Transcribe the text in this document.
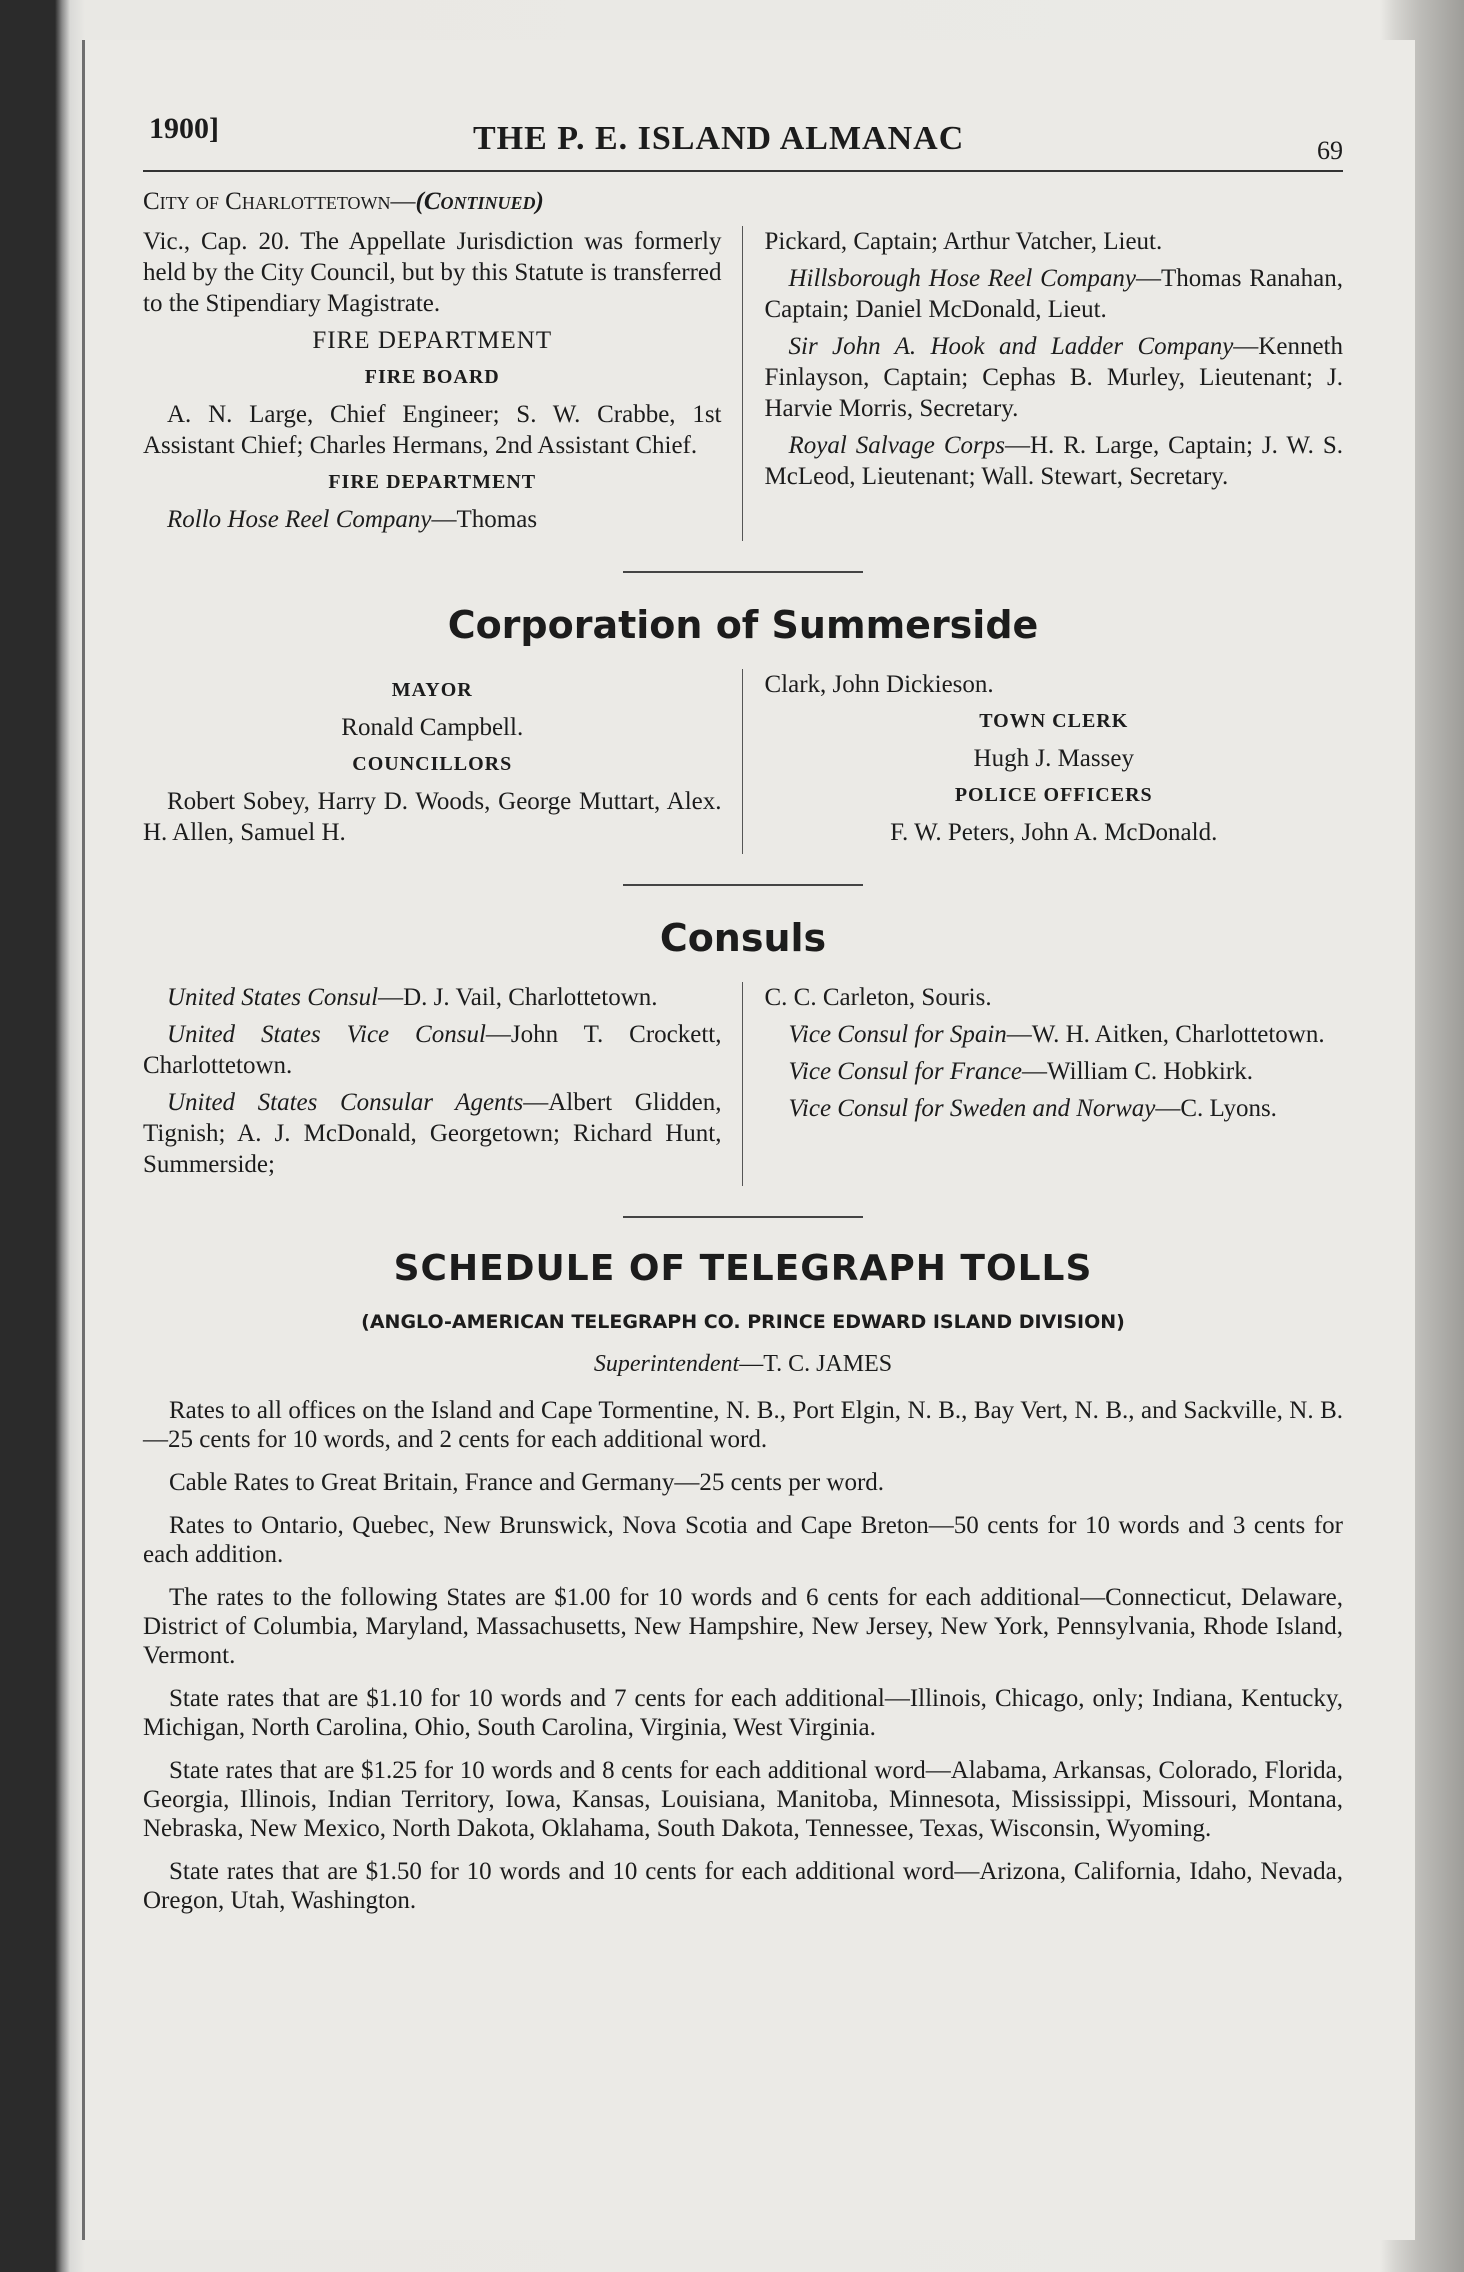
1900]	THE P. E. ISLAND ALMANAC	69
City of Charlottetown—(Continued)

Vic., Cap. 20. The Appellate Jurisdiction was formerly held by the City Council, but by this Statute is transferred to the Stipendiary Magistrate.

FIRE DEPARTMENT
FIRE BOARD

A. N. Large, Chief Engineer; S. W. Crabbe, 1st Assistant Chief; Charles Hermans, 2nd Assistant Chief.

FIRE DEPARTMENT

Rollo Hose Reel Company—Thomas

Pickard, Captain; Arthur Vatcher, Lieut.

Hillsborough Hose Reel Company—Thomas Ranahan, Captain; Daniel McDonald, Lieut.

Sir John A. Hook and Ladder Company—Kenneth Finlayson, Captain; Cephas B. Murley, Lieutenant; J. Harvie Morris, Secretary.

Royal Salvage Corps—H. R. Large, Captain; J. W. S. McLeod, Lieutenant; Wall. Stewart, Secretary.

Corporation of Summerside
MAYOR
Ronald Campbell.
COUNCILLORS

Robert Sobey, Harry D. Woods, George Muttart, Alex. H. Allen, Samuel H.

Clark, John Dickieson.

TOWN CLERK
Hugh J. Massey
POLICE OFFICERS
F. W. Peters, John A. McDonald.
Consuls

United States Consul—D. J. Vail, Charlottetown.

United States Vice Consul—John T. Crockett, Charlottetown.

United States Consular Agents—Albert Glidden, Tignish; A. J. McDonald, Georgetown; Richard Hunt, Summerside;

C. C. Carleton, Souris.

Vice Consul for Spain—W. H. Aitken, Charlottetown.

Vice Consul for France—William C. Hobkirk.

Vice Consul for Sweden and Norway—C. Lyons.

SCHEDULE OF TELEGRAPH TOLLS
(ANGLO-AMERICAN TELEGRAPH CO. PRINCE EDWARD ISLAND DIVISION)
Superintendent—T. C. JAMES

Rates to all offices on the Island and Cape Tormentine, N. B., Port Elgin, N. B., Bay Vert, N. B., and Sackville, N. B.—25 cents for 10 words, and 2 cents for each additional word.

Cable Rates to Great Britain, France and Germany—25 cents per word.

Rates to Ontario, Quebec, New Brunswick, Nova Scotia and Cape Breton—50 cents for 10 words and 3 cents for each addition.

The rates to the following States are $1.00 for 10 words and 6 cents for each additional—Connecticut, Delaware, District of Columbia, Maryland, Massachusetts, New Hampshire, New Jersey, New York, Pennsylvania, Rhode Island, Vermont.

State rates that are $1.10 for 10 words and 7 cents for each additional—Illinois, Chicago, only; Indiana, Kentucky, Michigan, North Carolina, Ohio, South Carolina, Virginia, West Virginia.

State rates that are $1.25 for 10 words and 8 cents for each additional word—Alabama, Arkansas, Colorado, Florida, Georgia, Illinois, Indian Territory, Iowa, Kansas, Louisiana, Manitoba, Minnesota, Mississippi, Missouri, Montana, Nebraska, New Mexico, North Dakota, Oklahama, South Dakota, Tennessee, Texas, Wisconsin, Wyoming.

State rates that are $1.50 for 10 words and 10 cents for each additional word—Arizona, California, Idaho, Nevada, Oregon, Utah, Washington.
